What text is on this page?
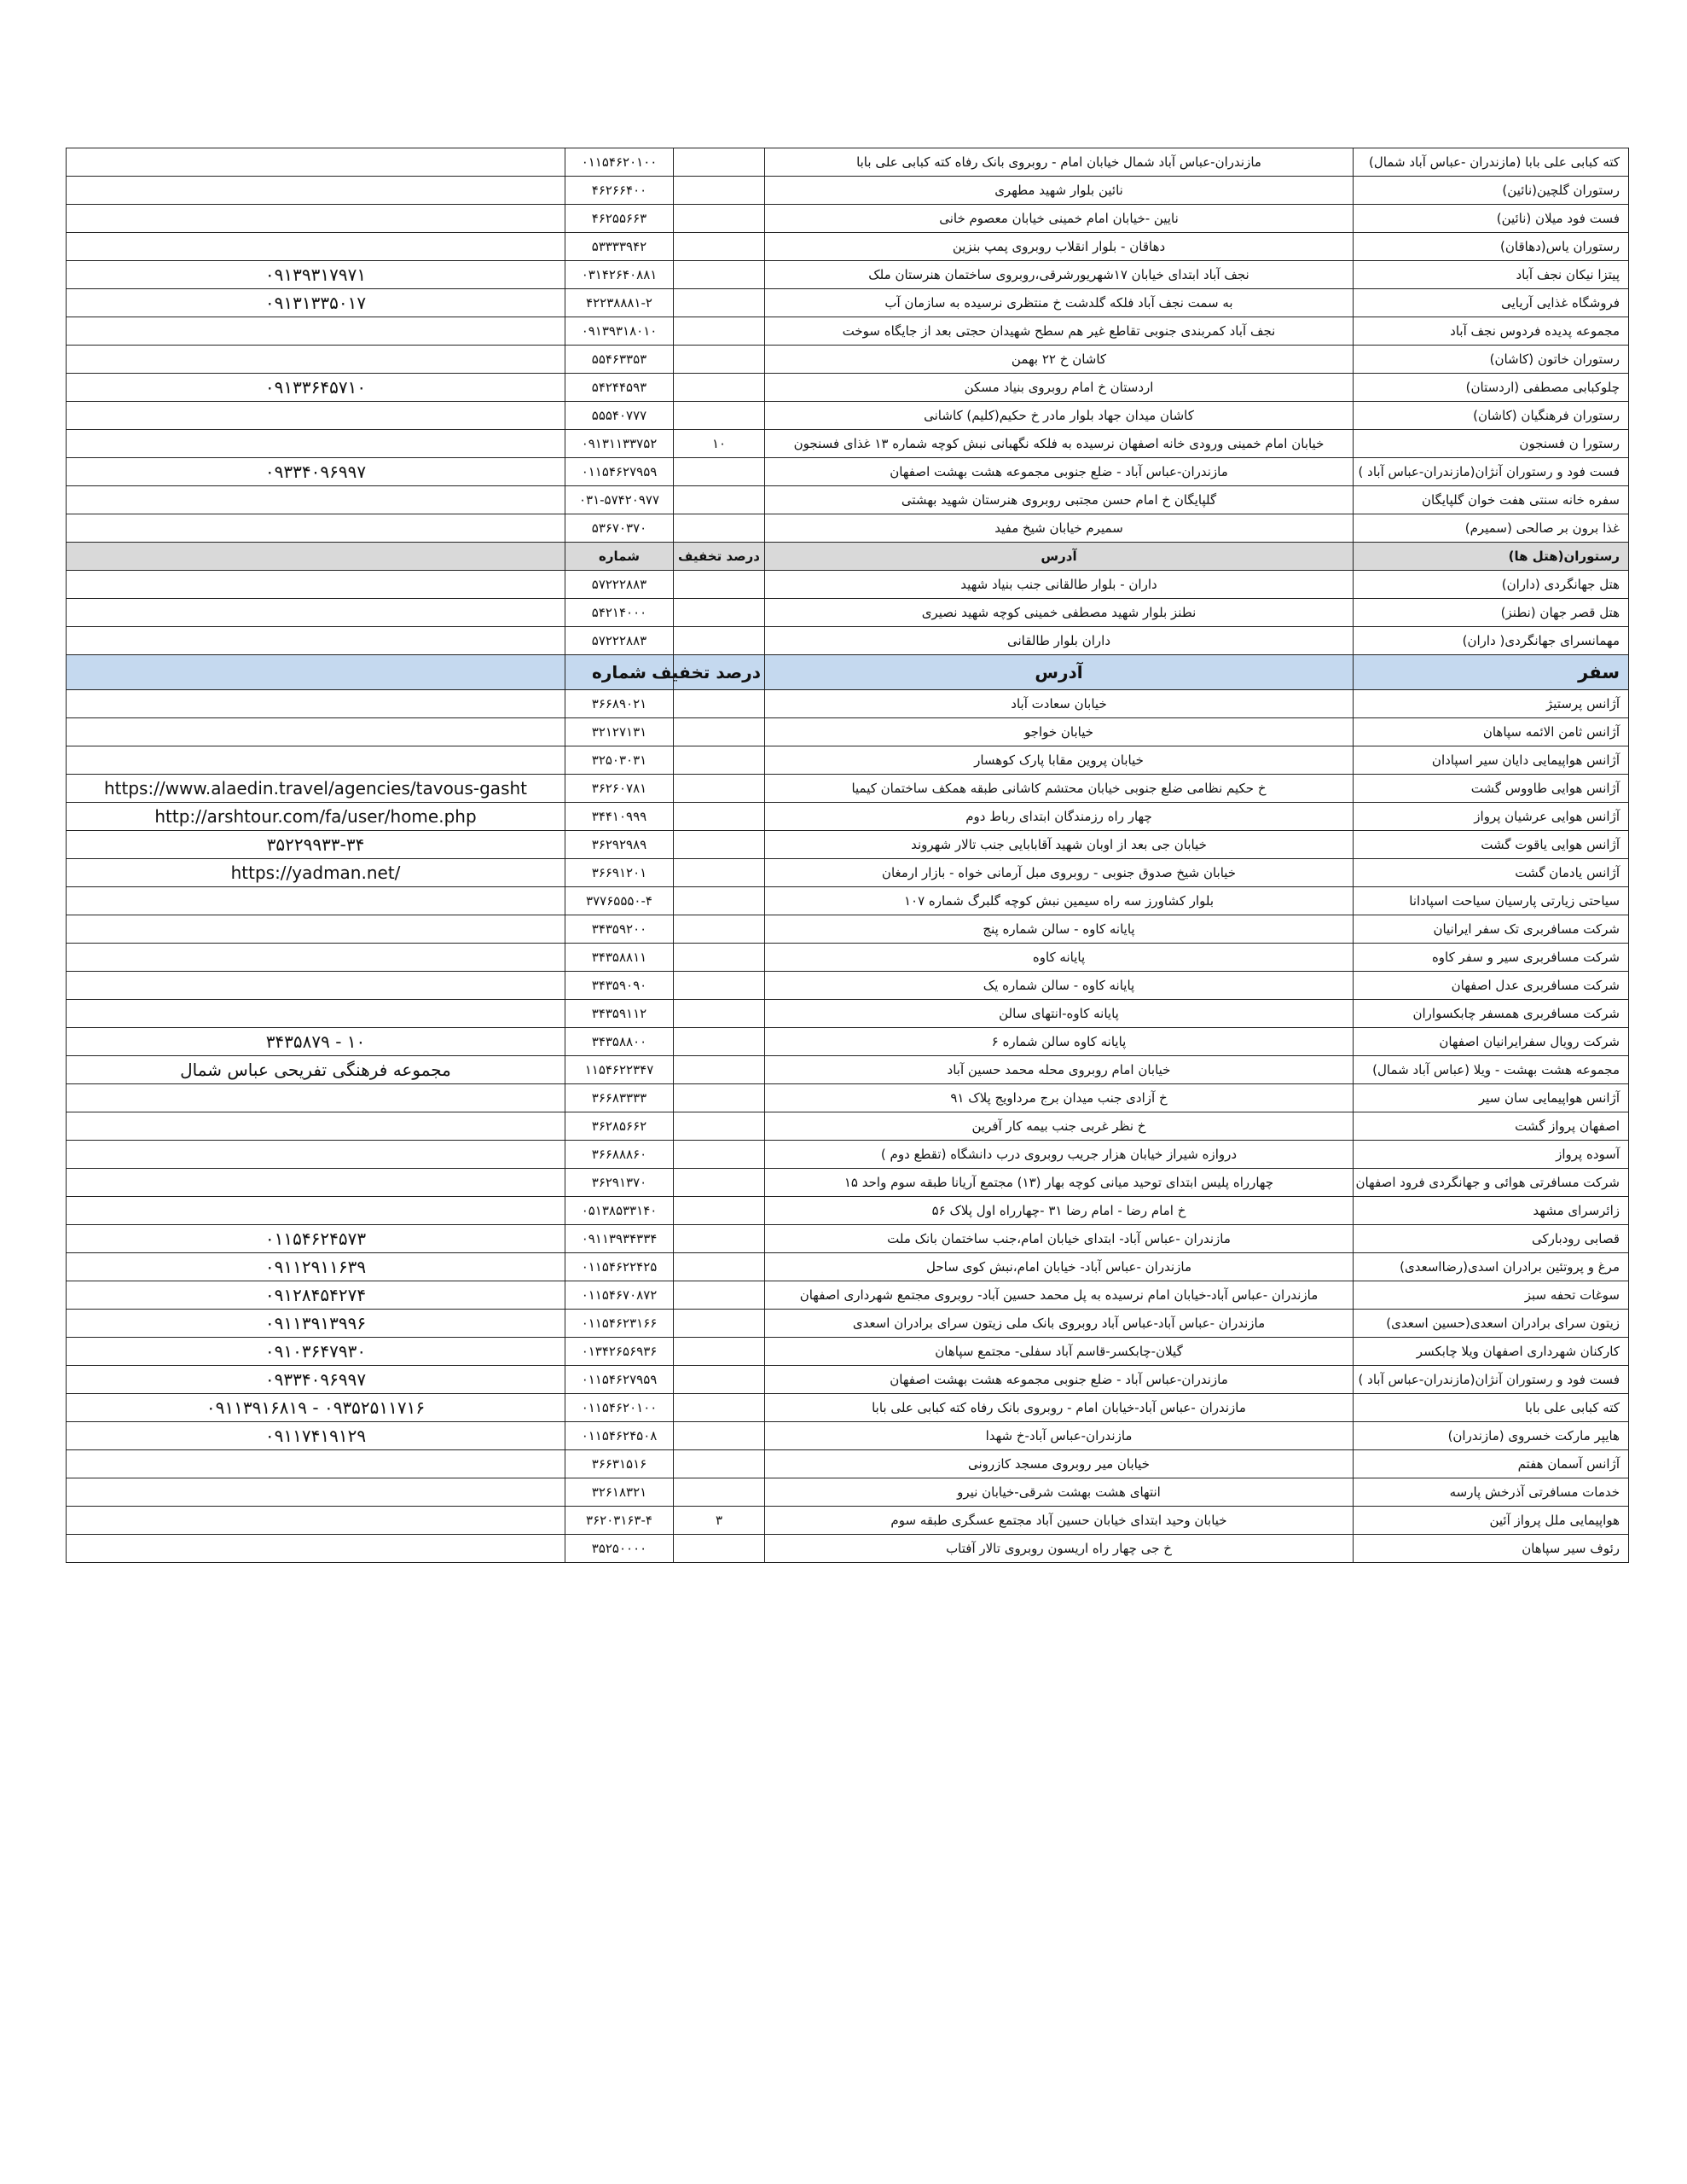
کته کبابی علی بابا (مازندران -عباس آباد شمال)	مازندران-عباس آباد شمال خیابان امام - روبروی بانک رفاه کته کبابی علی بابا		۰۱۱۵۴۶۲۰۱۰۰	
رستوران گلچین(نائین)	نائین بلوار شهید مطهری		۴۶۲۶۶۴۰۰	
فست فود میلان (نائین)	نایین -خیابان امام خمینی خیابان معصوم خانی		۴۶۲۵۵۶۶۳	
رستوران یاس(دهاقان)	دهاقان - بلوار انقلاب روبروی پمپ بنزین		۵۳۳۳۳۹۴۲	
پیتزا نیکان نجف آباد	نجف آباد ابتدای خیابان ۱۷شهریورشرقی،روبروی ساختمان هنرستان ملک		۰۳۱۴۲۶۴۰۸۸۱	۰۹۱۳۹۳۱۷۹۷۱
فروشگاه غذایی آریایی	به سمت نجف آباد فلکه گلدشت خ منتظری نرسیده به سازمان آب		۴۲۲۳۸۸۸۱-۲	۰۹۱۳۱۳۳۵۰۱۷
مجموعه پدیده فردوس نجف آباد	نجف آباد کمربندی جنوبی تقاطع غیر هم سطح شهیدان حجتی بعد از جایگاه سوخت		۰۹۱۳۹۳۱۸۰۱۰	
رستوران خاتون (کاشان)	کاشان خ ۲۲ بهمن		۵۵۴۶۳۳۵۳	
چلوکبابی مصطفی (اردستان)	اردستان خ امام روبروی بنیاد مسکن		۵۴۲۴۴۵۹۳	۰۹۱۳۳۶۴۵۷۱۰
رستوران فرهنگیان (کاشان)	کاشان میدان جهاد بلوار مادر خ حکیم(کلیم) کاشانی		۵۵۵۴۰۷۷۷	
رستورا ن فسنجون	خیابان امام خمینی ورودی خانه اصفهان نرسیده به فلکه نگهبانی نبش کوچه شماره ۱۳ غذای فسنجون	۱۰	۰۹۱۳۱۱۳۳۷۵۲	
فست فود و رستوران آنژان(مازندران-عباس آباد )	مازندران-عباس آباد - ضلع جنوبی مجموعه هشت بهشت اصفهان		۰۱۱۵۴۶۲۷۹۵۹	۰۹۳۳۴۰۹۶۹۹۷
سفره خانه سنتی هفت خوان گلپایگان	گلپایگان خ امام حسن مجتبی روبروی هنرستان شهید بهشتی		۰۳۱-۵۷۴۲۰۹۷۷	
غذا برون بر صالحی (سمیرم)	سمیرم خیابان شیخ مفید		۵۳۶۷۰۳۷۰	
رستوران(هتل ها)	آدرس	درصد تخفیف	شماره	
هتل جهانگردی (داران)	داران - بلوار طالقانی جنب بنیاد شهید		۵۷۲۲۲۸۸۳	
هتل قصر جهان (نطنز)	نطنز بلوار شهید مصطفی خمینی کوچه شهید نصیری		۵۴۲۱۴۰۰۰	
مهمانسرای جهانگردی( داران)	داران بلوار طالقانی		۵۷۲۲۲۸۸۳	
سفر	آدرس	درصد تخفیف	شماره	
آژانس پرستیژ	خیابان سعادت آباد		۳۶۶۸۹۰۲۱	
آژانس ثامن الائمه سپاهان	خیابان خواجو		۳۲۱۲۷۱۳۱	
آژانس هواپیمایی دایان سیر اسپادان	خیابان پروین مقابا پارک کوهسار		۳۲۵۰۳۰۳۱	
آژانس هوایی طاووس گشت	خ حکیم نظامی ضلع جنوبی خیابان محتشم کاشانی طبقه همکف ساختمان کیمیا		۳۶۲۶۰۷۸۱	https://www.alaedin.travel/agencies/tavous-gasht
آژانس هوایی عرشیان پرواز	چهار راه رزمندگان ابتدای رباط دوم		۳۴۴۱۰۹۹۹	http://arshtour.com/fa/user/home.php
آژانس هوایی یاقوت گشت	خیابان جی بعد از اوبان شهید آقابابایی جنب تالار شهروند		۳۶۲۹۲۹۸۹	۳۵۲۲۹۹۳۳-۳۴
آژانس یادمان گشت	خیابان شیخ صدوق جنوبی - روبروی مبل آرمانی خواه - بازار ارمغان		۳۶۶۹۱۲۰۱	https://yadman.net/
سیاحتی زیارتی پارسیان سیاحت اسپادانا	بلوار کشاورز سه راه سیمین نبش کوچه گلبرگ شماره ۱۰۷		۳۷۷۶۵۵۵۰-۴	
شرکت مسافربری تک سفر ایرانیان	پایانه کاوه - سالن شماره پنج		۳۴۳۵۹۲۰۰	
شرکت مسافربری سیر و سفر کاوه	پایانه کاوه		۳۴۳۵۸۸۱۱	
شرکت مسافربری عدل اصفهان	پایانه کاوه - سالن شماره یک		۳۴۳۵۹۰۹۰	
شرکت مسافربری همسفر چابکسواران	پایانه کاوه-انتهای سالن		۳۴۳۵۹۱۱۲	
شرکت رویال سفرایرانیان اصفهان	پایانه کاوه سالن شماره ۶		۳۴۳۵۸۸۰۰	۳۴۳۵۸۷۹ - ۱۰
مجموعه هشت بهشت - ویلا (عباس آباد شمال)	خیابان امام روبروی محله محمد حسین آباد		۱۱۵۴۶۲۲۳۴۷	مجموعه فرهنگی تفریحی عباس شمال
آژانس هواپیمایی سان سیر	خ آزادی جنب میدان برج مرداویج پلاک ۹۱		۳۶۶۸۳۳۳۳	
اصفهان پرواز گشت	خ نظر غربی جنب بیمه کار آفرین		۳۶۲۸۵۶۶۲	
آسوده پرواز	دروازه شیراز خیابان هزار جریب روبروی درب دانشگاه (تقطع دوم )		۳۶۶۸۸۸۶۰	
شرکت مسافرتی هوائی و جهانگردی فرود اصفهان	چهارراه پلیس ابتدای توحید میانی کوچه بهار (۱۳) مجتمع آریانا طبقه سوم واحد ۱۵		۳۶۲۹۱۳۷۰	
زائرسرای مشهد	خ امام رضا - امام رضا ۳۱ -چهارراه اول پلاک ۵۶		۰۵۱۳۸۵۳۳۱۴۰	
قصابی رودبارکی	مازندران -عباس آباد- ابتدای خیابان امام،جنب ساختمان بانک ملت		۰۹۱۱۳۹۳۴۳۳۴	۰۱۱۵۴۶۲۴۵۷۳
مرغ و پروتئین برادران اسدی(رضااسعدی)	مازندران -عباس آباد- خیابان امام،نبش کوی ساحل		۰۱۱۵۴۶۲۲۴۲۵	۰۹۱۱۲۹۱۱۶۳۹
سوغات تحفه سبز	مازندران -عباس آباد-خیابان امام نرسیده به پل محمد حسین آباد- روبروی مجتمع شهرداری اصفهان		۰۱۱۵۴۶۷۰۸۷۲	۰۹۱۲۸۴۵۴۲۷۴
زیتون سرای برادران اسعدی(حسین اسعدی)	مازندران -عباس آباد-عباس آباد روبروی بانک ملی زیتون سرای برادران اسعدی		۰۱۱۵۴۶۲۳۱۶۶	۰۹۱۱۳۹۱۳۹۹۶
کارکنان شهرداری اصفهان ویلا چابکسر	گیلان-چابکسر-قاسم آباد سفلی- مجتمع سپاهان		۰۱۳۴۲۶۵۶۹۳۶	۰۹۱۰۳۶۴۷۹۳۰
فست فود و رستوران آنژان(مازندران-عباس آباد )	مازندران-عباس آباد - ضلع جنوبی مجموعه هشت بهشت اصفهان		۰۱۱۵۴۶۲۷۹۵۹	۰۹۳۳۴۰۹۶۹۹۷
کته کبابی علی بابا	مازندران -عباس آباد-خیابان امام - روبروی بانک رفاه کته کبابی علی بابا		۰۱۱۵۴۶۲۰۱۰۰	۰۹۱۱۳۹۱۶۸۱۹ - ۰۹۳۵۲۵۱۱۷۱۶
هایپر مارکت خسروی (مازندران)	مازندران-عباس آباد-خ شهدا		۰۱۱۵۴۶۲۴۵۰۸	۰۹۱۱۷۴۱۹۱۲۹
آژانس آسمان هفتم	خیابان میر روبروی مسجد کازرونی		۳۶۶۳۱۵۱۶	
خدمات مسافرتی آذرخش پارسه	انتهای هشت بهشت شرقی-خیابان نیرو		۳۲۶۱۸۳۲۱	
هواپیمایی ملل پرواز آئین	خیابان وحید ابتدای خیابان حسین آباد مجتمع عسگری طبقه سوم	۳	۳۶۲۰۳۱۶۳-۴	
رئوف سیر سپاهان	خ جی چهار راه اریسون روبروی تالار آفتاب		۳۵۲۵۰۰۰۰	
